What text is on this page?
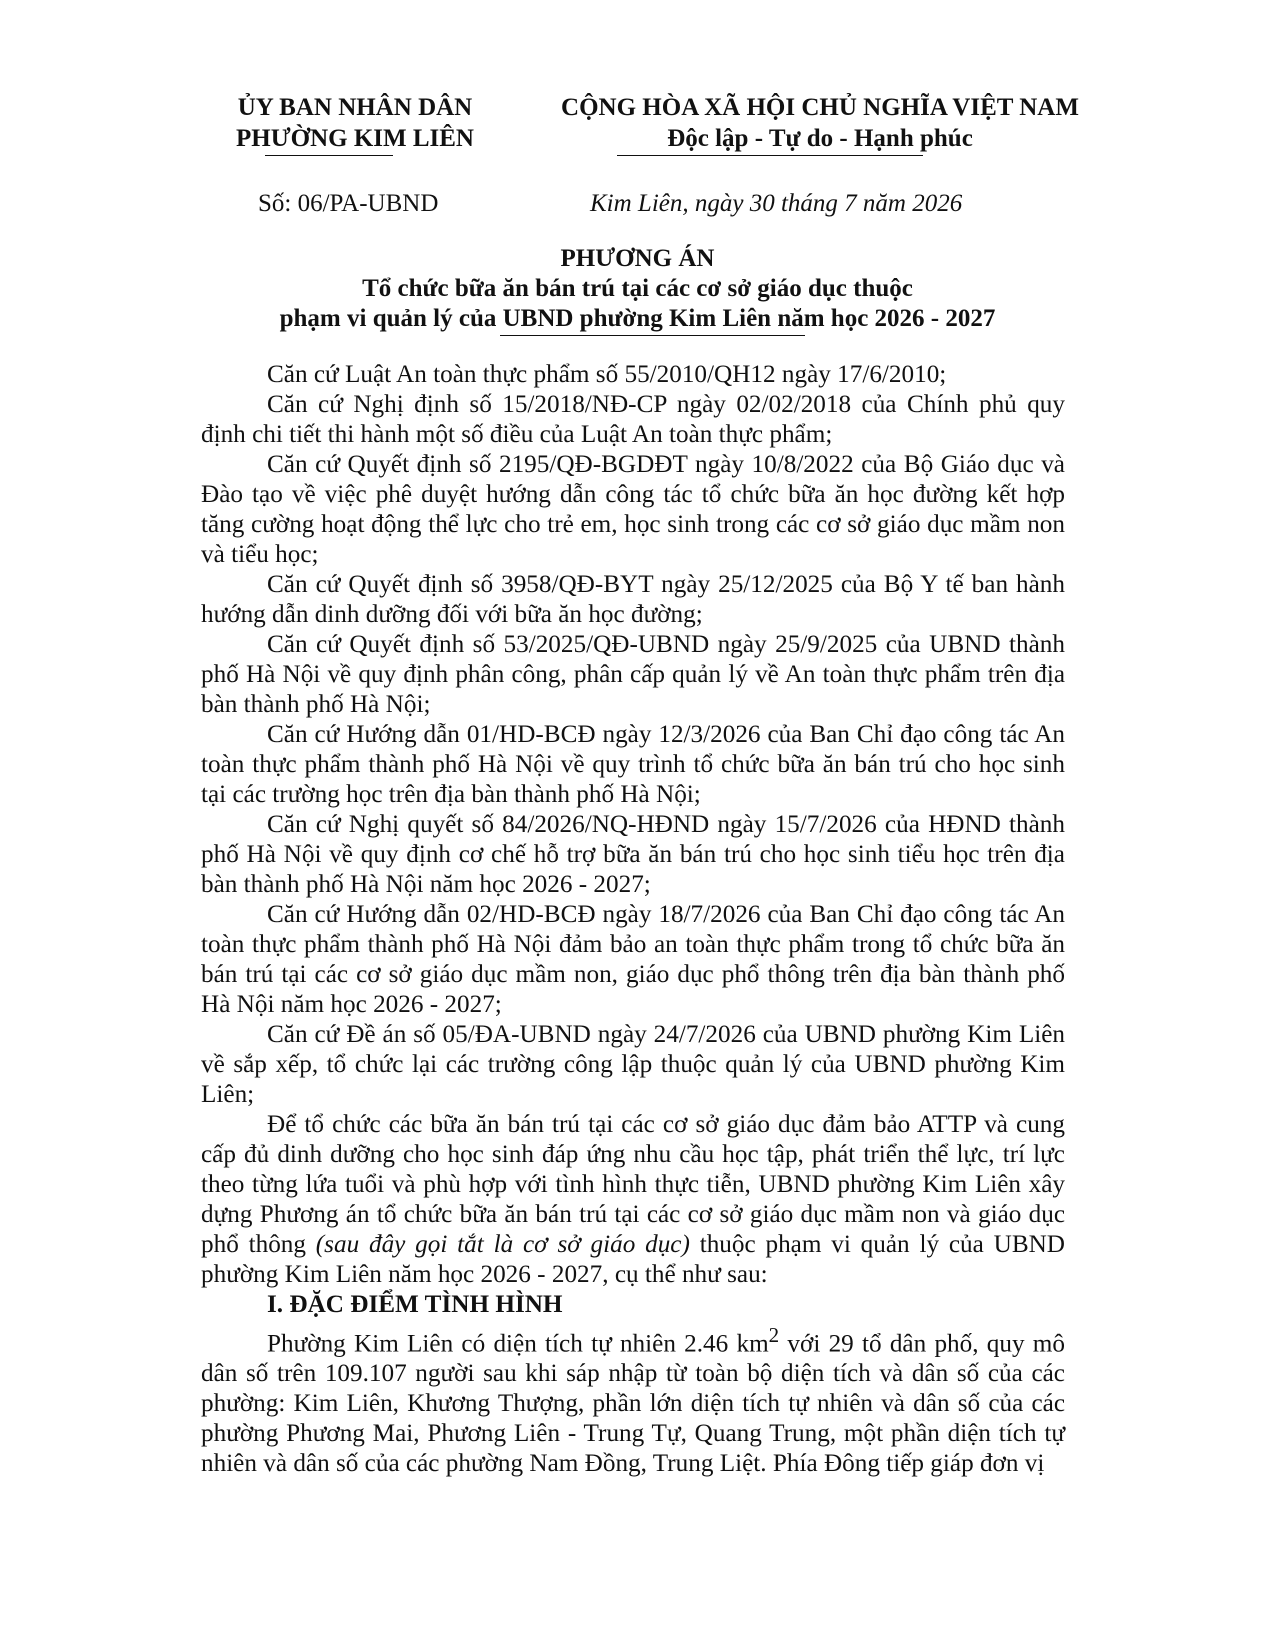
ỦY BAN NHÂN DÂN
PHƯỜNG KIM LIÊN
CỘNG HÒA XÃ HỘI CHỦ NGHĨA VIỆT NAM
Độc lập - Tự do - Hạnh phúc
Số: 06/PA-UBND	Kim Liên, ngày 30 tháng 7 năm 2026
PHƯƠNG ÁN
Tổ chức bữa ăn bán trú tại các cơ sở giáo dục thuộc
phạm vi quản lý của UBND phường Kim Liên năm học 2026 - 2027

Căn cứ Luật An toàn thực phẩm số 55/2010/QH12 ngày 17/6/2010;

Căn cứ Nghị định số 15/2018/NĐ-CP ngày 02/02/2018 của Chính phủ quy định chi tiết thi hành một số điều của Luật An toàn thực phẩm;

Căn cứ Quyết định số 2195/QĐ-BGDĐT ngày 10/8/2022 của Bộ Giáo dục và Đào tạo về việc phê duyệt hướng dẫn công tác tổ chức bữa ăn học đường kết hợp tăng cường hoạt động thể lực cho trẻ em, học sinh trong các cơ sở giáo dục mầm non và tiểu học;

Căn cứ Quyết định số 3958/QĐ-BYT ngày 25/12/2025 của Bộ Y tế ban hành hướng dẫn dinh dưỡng đối với bữa ăn học đường;

Căn cứ Quyết định số 53/2025/QĐ-UBND ngày 25/9/2025 của UBND thành phố Hà Nội về quy định phân công, phân cấp quản lý về An toàn thực phẩm trên địa bàn thành phố Hà Nội;

Căn cứ Hướng dẫn 01/HD-BCĐ ngày 12/3/2026 của Ban Chỉ đạo công tác An toàn thực phẩm thành phố Hà Nội về quy trình tổ chức bữa ăn bán trú cho học sinh tại các trường học trên địa bàn thành phố Hà Nội;

Căn cứ Nghị quyết số 84/2026/NQ-HĐND ngày 15/7/2026 của HĐND thành phố Hà Nội về quy định cơ chế hỗ trợ bữa ăn bán trú cho học sinh tiểu học trên địa bàn thành phố Hà Nội năm học 2026 - 2027;

Căn cứ Hướng dẫn 02/HD-BCĐ ngày 18/7/2026 của Ban Chỉ đạo công tác An toàn thực phẩm thành phố Hà Nội đảm bảo an toàn thực phẩm trong tổ chức bữa ăn bán trú tại các cơ sở giáo dục mầm non, giáo dục phổ thông trên địa bàn thành phố Hà Nội năm học 2026 - 2027;

Căn cứ Đề án số 05/ĐA-UBND ngày 24/7/2026 của UBND phường Kim Liên về sắp xếp, tổ chức lại các trường công lập thuộc quản lý của UBND phường Kim Liên;

Để tổ chức các bữa ăn bán trú tại các cơ sở giáo dục đảm bảo ATTP và cung cấp đủ dinh dưỡng cho học sinh đáp ứng nhu cầu học tập, phát triển thể lực, trí lực theo từng lứa tuổi và phù hợp với tình hình thực tiễn, UBND phường Kim Liên xây dựng Phương án tổ chức bữa ăn bán trú tại các cơ sở giáo dục mầm non và giáo dục phổ thông (sau đây gọi tắt là cơ sở giáo dục) thuộc phạm vi quản lý của UBND phường Kim Liên năm học 2026 - 2027, cụ thể như sau:

I. ĐẶC ĐIỂM TÌNH HÌNH

Phường Kim Liên có diện tích tự nhiên 2.46 $km^2$ với 29 tổ dân phố, quy mô dân số trên 109.107 người sau khi sáp nhập từ toàn bộ diện tích và dân số của các phường: Kim Liên, Khương Thượng, phần lớn diện tích tự nhiên và dân số của các phường Phương Mai, Phương Liên - Trung Tự, Quang Trung, một phần diện tích tự nhiên và dân số của các phường Nam Đồng, Trung Liệt. Phía Đông tiếp giáp đơn vị
